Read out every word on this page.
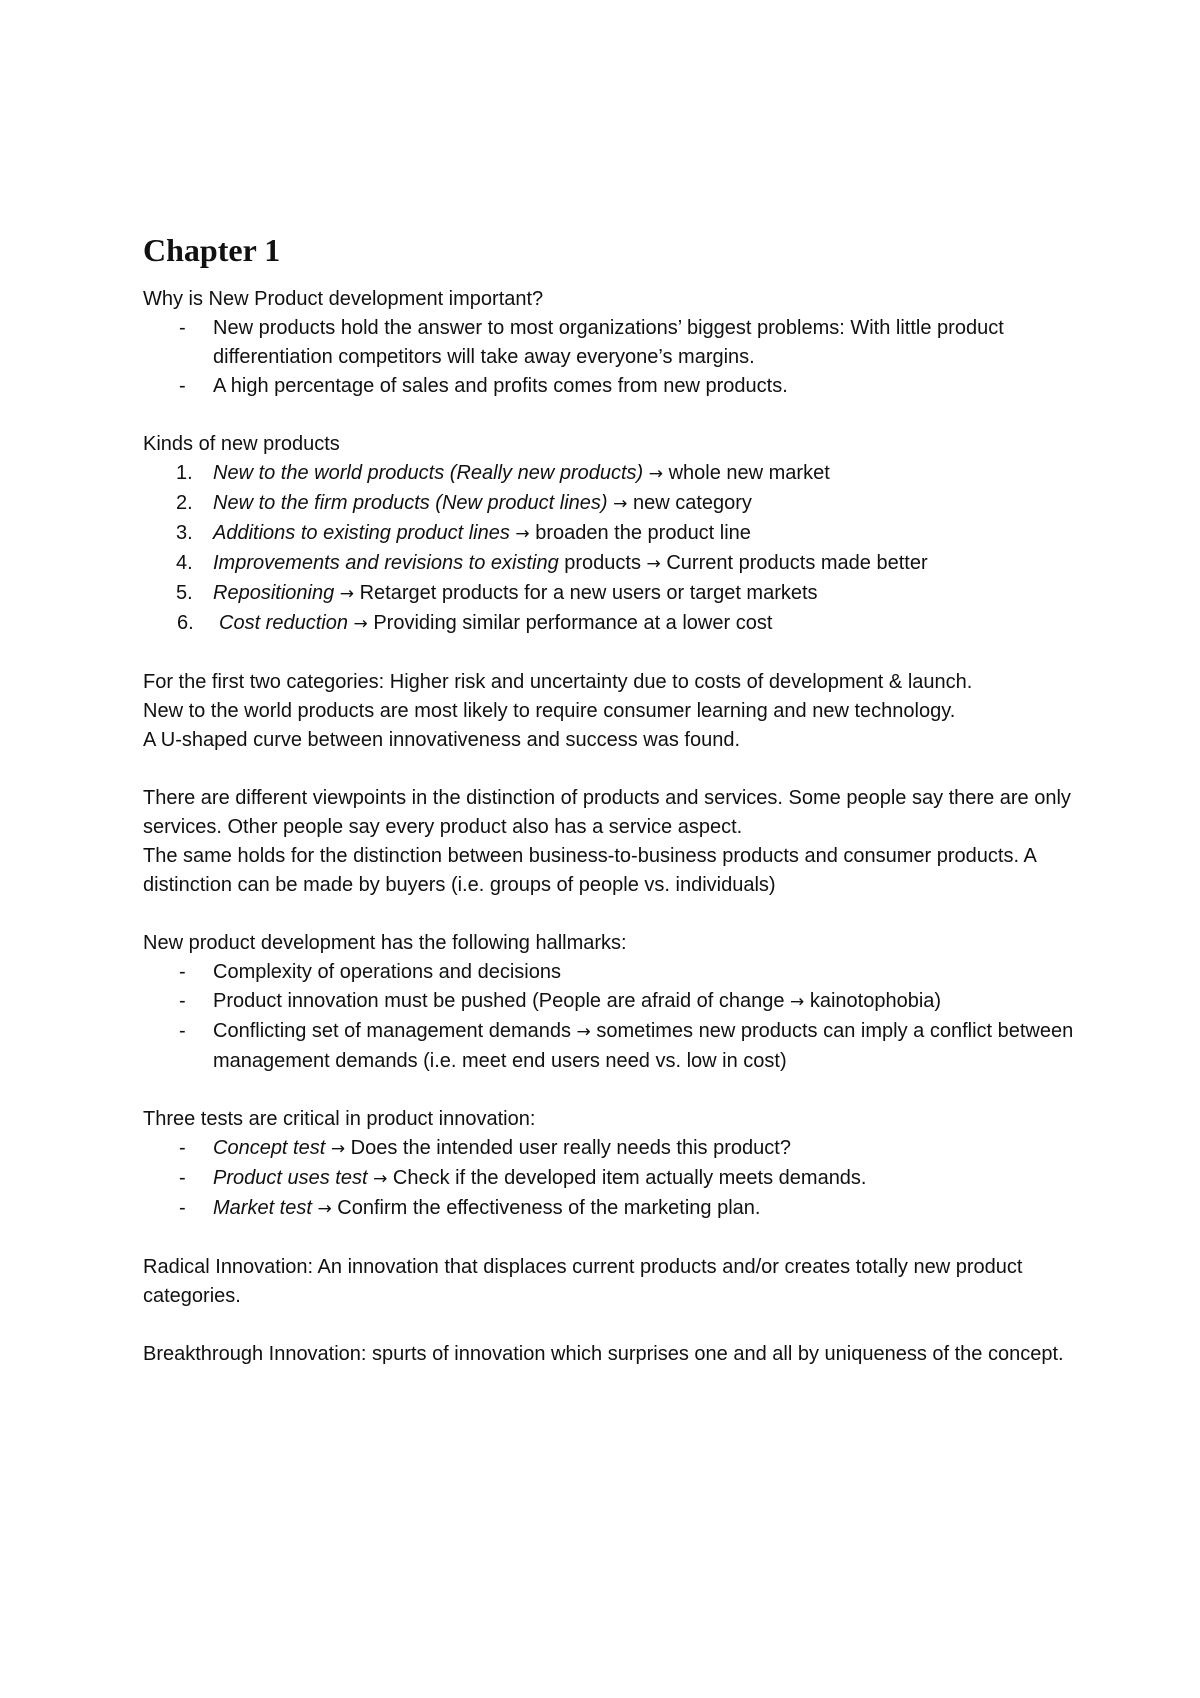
Chapter 1

Why is New Product development important?

- New products hold the answer to most organizations’ biggest problems: With little product differentiation competitors will take away everyone’s margins.
- A high percentage of sales and profits comes from new products.

Kinds of new products

1. New to the world products (Really new products) → whole new market
2. New to the firm products (New product lines) → new category
3. Additions to existing product lines → broaden the product line
4. Improvements and revisions to existing products → Current products made better
5. Repositioning → Retarget products for a new users or target markets
6. Cost reduction → Providing similar performance at a lower cost

For the first two categories: Higher risk and uncertainty due to costs of development & launch.

New to the world products are most likely to require consumer learning and new technology.

A U-shaped curve between innovativeness and success was found.

There are different viewpoints in the distinction of products and services. Some people say there are only services. Other people say every product also has a service aspect.

The same holds for the distinction between business-to-business products and consumer products. A distinction can be made by buyers (i.e. groups of people vs. individuals)

New product development has the following hallmarks:

- Complexity of operations and decisions
- Product innovation must be pushed (People are afraid of change → kainotophobia)
- Conflicting set of management demands → sometimes new products can imply a conflict between management demands (i.e. meet end users need vs. low in cost)

Three tests are critical in product innovation:

- Concept test → Does the intended user really needs this product?
- Product uses test → Check if the developed item actually meets demands.
- Market test → Confirm the effectiveness of the marketing plan.

Radical Innovation: An innovation that displaces current products and/or creates totally new product categories.

Breakthrough Innovation: spurts of innovation which surprises one and all by uniqueness of the concept.
